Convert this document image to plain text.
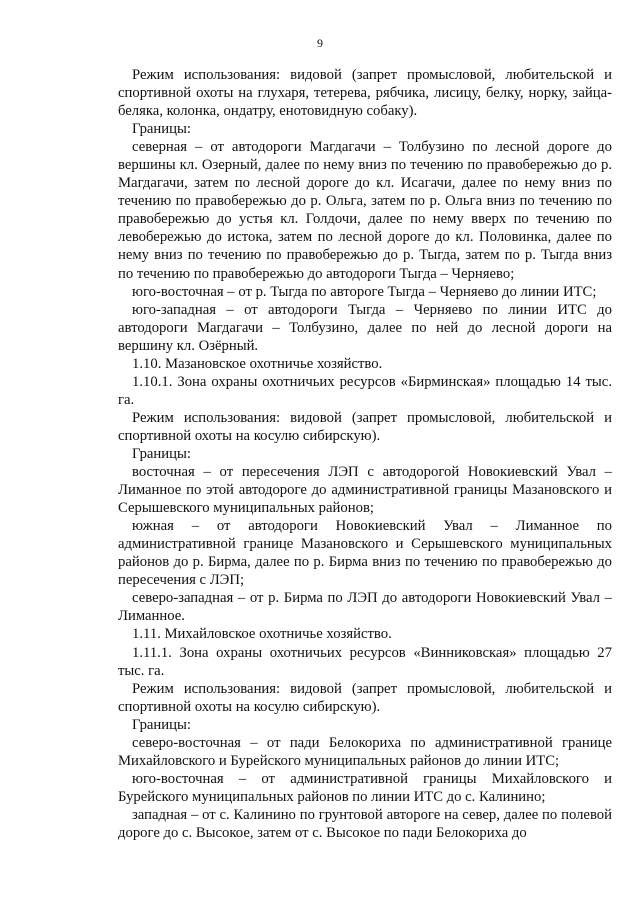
9

Режим использования: видовой (запрет промысловой, любительской и спортивной охоты на глухаря, тетерева, рябчика, лисицу, белку, норку, зайца-беляка, колонка, ондатру, енотовидную собаку).

Границы:

северная – от автодороги Магдагачи – Толбузино по лесной дороге до вершины кл. Озерный, далее по нему вниз по течению по правобережью до р. Магдагачи, затем по лесной дороге до кл. Исагачи, далее по нему вниз по течению по правобережью до р. Ольга, затем по р. Ольга вниз по течению по правобережью до устья кл. Голдочи, далее по нему вверх по течению по левобережью до истока, затем по лесной дороге до кл. Половинка, далее по нему вниз по течению по правобережью до р. Тыгда, затем по р. Тыгда вниз по течению по правобережью до автодороги Тыгда – Черняево;

юго-восточная – от р. Тыгда по автороге Тыгда – Черняево до линии ИТС;

юго-западная – от автодороги Тыгда – Черняево по линии ИТС до автодороги Магдагачи – Толбузино, далее по ней до лесной дороги на вершину кл. Озёрный.

1.10. Мазановское охотничье хозяйство.

1.10.1. Зона охраны охотничьих ресурсов «Бирминская» площадью 14 тыс. га.

Режим использования: видовой (запрет промысловой, любительской и спортивной охоты на косулю сибирскую).

Границы:

восточная – от пересечения ЛЭП с автодорогой Новокиевский Увал – Лиманное по этой автодороге до административной границы Мазановского и Серышевского муниципальных районов;

южная – от автодороги Новокиевский Увал – Лиманное по административной границе Мазановского и Серышевского муниципальных районов до р. Бирма, далее по р. Бирма вниз по течению по правобережью до пересечения с ЛЭП;

северо-западная – от р. Бирма по ЛЭП до автодороги Новокиевский Увал – Лиманное.

1.11. Михайловское охотничье хозяйство.

1.11.1. Зона охраны охотничьих ресурсов «Винниковская» площадью 27 тыс. га.

Режим использования: видовой (запрет промысловой, любительской и спортивной охоты на косулю сибирскую).

Границы:

северо-восточная – от пади Белокориха по административной границе Михайловского и Бурейского муниципальных районов до линии ИТС;

юго-восточная – от административной границы Михайловского и Бурейского муниципальных районов по линии ИТС до с. Калинино;

западная – от с. Калинино по грунтовой автороге на север, далее по полевой дороге до с. Высокое, затем от с. Высокое по пади Белокориха до
